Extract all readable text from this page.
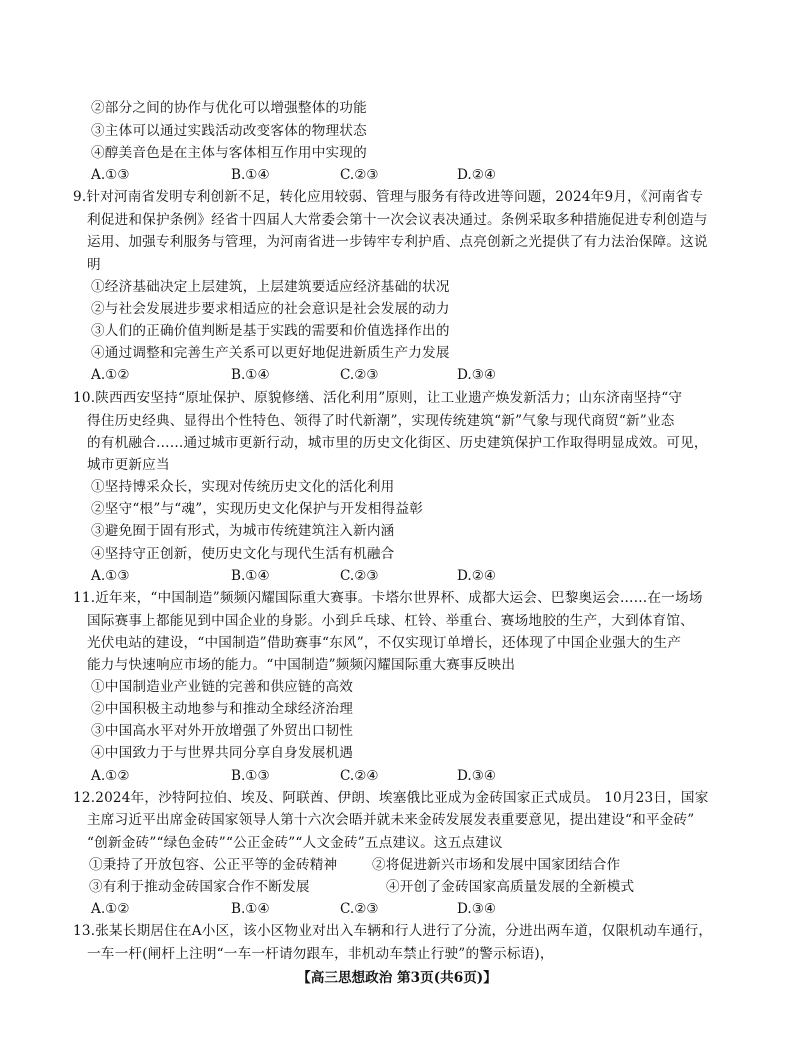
②部分之间的协作与优化可以增强整体的功能
③主体可以通过实践活动改变客体的物理状态
④醇美音色是在主体与客体相互作用中实现的
A.①③	B.①④	C.②③	D.②④
9.针对河南省发明专利创新不足，转化应用较弱、管理与服务有待改进等问题，2024年9月，《河南省专
利促进和保护条例》经省十四届人大常委会第十一次会议表决通过。条例采取多种措施促进专利创造与
运用、加强专利服务与管理，为河南省进一步铸牢专利护盾、点亮创新之光提供了有力法治保障。这说
明
①经济基础决定上层建筑，上层建筑要适应经济基础的状况
②与社会发展进步要求相适应的社会意识是社会发展的动力
③人们的正确价值判断是基于实践的需要和价值选择作出的
④通过调整和完善生产关系可以更好地促进新质生产力发展
A.①②	B.①④	C.②③	D.③④
10.陕西西安坚持“原址保护、原貌修缮、活化利用”原则，让工业遗产焕发新活力；山东济南坚持“守
得住历史经典、显得出个性特色、领得了时代新潮”，实现传统建筑“新”气象与现代商贸“新”业态
的有机融合……通过城市更新行动，城市里的历史文化街区、历史建筑保护工作取得明显成效。可见，
城市更新应当
①坚持博采众长，实现对传统历史文化的活化利用
②坚守“根”与“魂”，实现历史文化保护与开发相得益彰
③避免囿于固有形式，为城市传统建筑注入新内涵
④坚持守正创新，使历史文化与现代生活有机融合
A.①③	B.①④	C.②③	D.②④
11.近年来，“中国制造”频频闪耀国际重大赛事。卡塔尔世界杯、成都大运会、巴黎奥运会……在一场场
国际赛事上都能见到中国企业的身影。小到乒乓球、杠铃、举重台、赛场地胶的生产，大到体育馆、
光伏电站的建设，“中国制造”借助赛事“东风”，不仅实现订单增长，还体现了中国企业强大的生产
能力与快速响应市场的能力。“中国制造”频频闪耀国际重大赛事反映出
①中国制造业产业链的完善和供应链的高效
②中国积极主动地参与和推动全球经济治理
③中国高水平对外开放增强了外贸出口韧性
④中国致力于与世界共同分享自身发展机遇
A.①②	B.①③	C.②④	D.③④
12.2024年，沙特阿拉伯、埃及、阿联酋、伊朗、埃塞俄比亚成为金砖国家正式成员。 10月23日，国家
主席习近平出席金砖国家领导人第十六次会晤并就未来金砖发展发表重要意见，提出建设“和平金砖”
“创新金砖”“绿色金砖”“公正金砖”“人文金砖”五点建议。这五点建议
①秉持了开放包容、公正平等的金砖精神	②将促进新兴市场和发展中国家团结合作
③有利于推动金砖国家合作不断发展	④开创了金砖国家高质量发展的全新模式
A.①②	B.①④	C.②③	D.③④
13.张某长期居住在A小区，该小区物业对出入车辆和行人进行了分流，分进出两车道，仅限机动车通行，
一车一杆(闸杆上注明“一车一杆请勿跟车，非机动车禁止行驶”的警示标语)，
【高三思想政治 第3页(共6页)】
